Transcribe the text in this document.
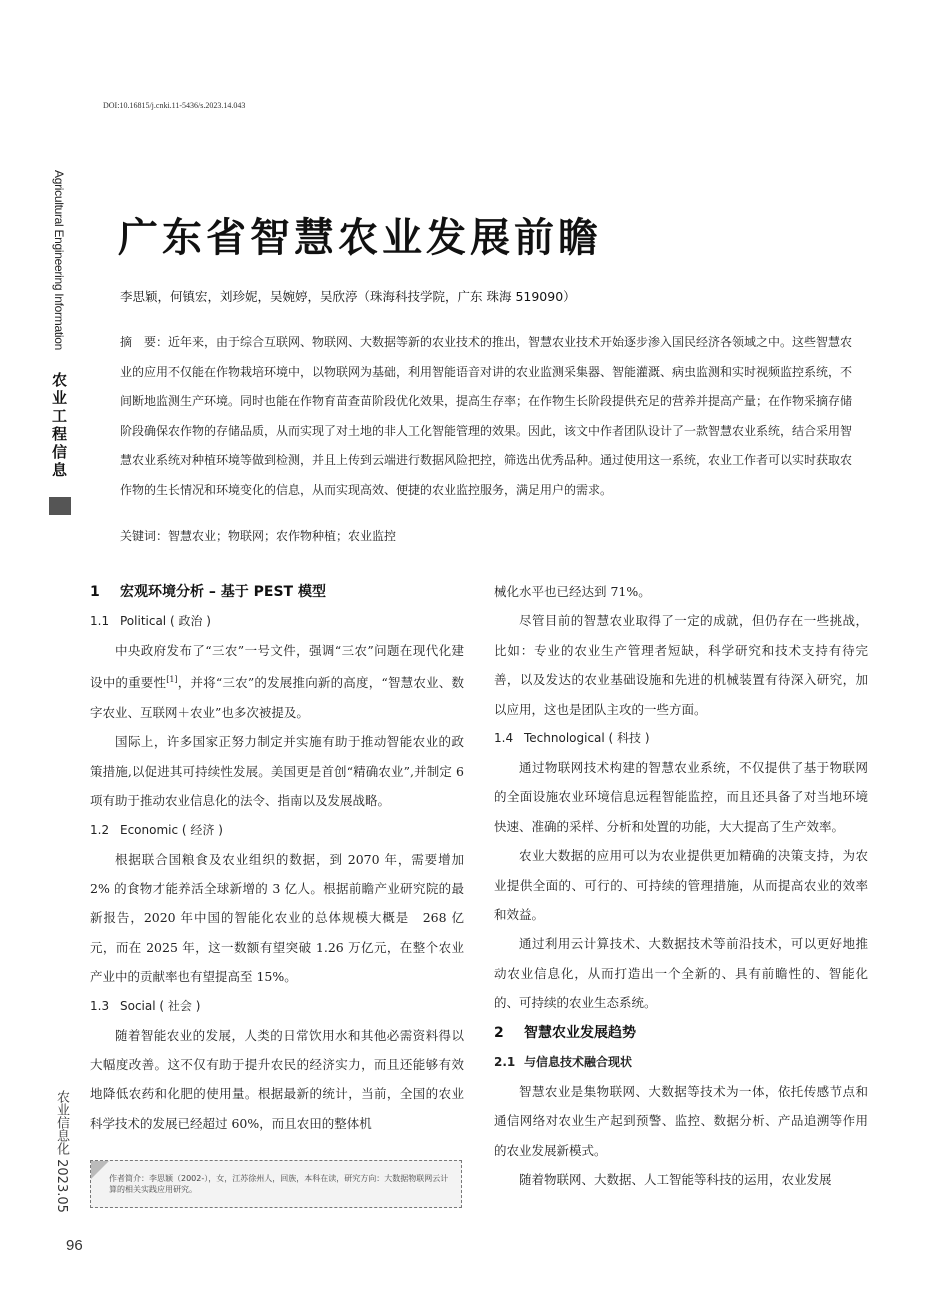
DOI:10.16815/j.cnki.11-5436/s.2023.14.043
Agricultural Engineering Information
农业工程信息
农业信息化 2023.05
96
广东省智慧农业发展前瞻
李思颖，何镇宏，刘珍妮，吴婉婷，吴欣渟（珠海科技学院，广东 珠海 519090）

摘　要：近年来，由于综合互联网、物联网、大数据等新的农业技术的推出，智慧农业技术开始逐步渗入国民经济各领域之中。这些智慧农业的应用不仅能在作物栽培环境中，以物联网为基础，利用智能语音对讲的农业监测采集器、智能灌溉、病虫监测和实时视频监控系统，不间断地监测生产环境。同时也能在作物育苗查苗阶段优化效果，提高生存率；在作物生长阶段提供充足的营养并提高产量；在作物采摘存储阶段确保农作物的存储品质，从而实现了对土地的非人工化智能管理的效果。因此，该文中作者团队设计了一款智慧农业系统，结合采用智慧农业系统对种植环境等做到检测，并且上传到云端进行数据风险把控，筛选出优秀品种。通过使用这一系统，农业工作者可以实时获取农作物的生长情况和环境变化的信息，从而实现高效、便捷的农业监控服务，满足用户的需求。

关键词：智慧农业；物联网；农作物种植；农业监控
1 宏观环境分析 – 基于 PEST 模型
1.1 Political ( 政治 )

中央政府发布了“三农”一号文件，强调“三农”问题在现代化建设中的重要性[1]，并将“三农”的发展推向新的高度，“智慧农业、数字农业、互联网＋农业”也多次被提及。

国际上，许多国家正努力制定并实施有助于推动智能农业的政策措施,以促进其可持续性发展。美国更是首创“精确农业”,并制定 6 项有助于推动农业信息化的法令、指南以及发展战略。

1.2 Economic ( 经济 )

根据联合国粮食及农业组织的数据，到 2070 年，需要增加 2% 的食物才能养活全球新增的 3 亿人。根据前瞻产业研究院的最新报告，2020 年中国的智能化农业的总体规模大概是　268 亿元，而在 2025 年，这一数额有望突破 1.26 万亿元，在整个农业产业中的贡献率也有望提高至 15%。

1.3 Social ( 社会 )

随着智能农业的发展，人类的日常饮用水和其他必需资料得以大幅度改善。这不仅有助于提升农民的经济实力，而且还能够有效地降低农药和化肥的使用量。根据最新的统计，当前，全国的农业科学技术的发展已经超过 60%，而且农田的整体机

械化水平也已经达到 71%。

尽管目前的智慧农业取得了一定的成就，但仍存在一些挑战，比如：专业的农业生产管理者短缺，科学研究和技术支持有待完善，以及发达的农业基础设施和先进的机械装置有待深入研究，加以应用，这也是团队主攻的一些方面。

1.4 Technological ( 科技 )

通过物联网技术构建的智慧农业系统，不仅提供了基于物联网的全面设施农业环境信息远程智能监控，而且还具备了对当地环境快速、准确的采样、分析和处置的功能，大大提高了生产效率。

农业大数据的应用可以为农业提供更加精确的决策支持，为农业提供全面的、可行的、可持续的管理措施，从而提高农业的效率和效益。

通过利用云计算技术、大数据技术等前沿技术，可以更好地推动农业信息化，从而打造出一个全新的、具有前瞻性的、智能化的、可持续的农业生态系统。

2 智慧农业发展趋势
2.1 与信息技术融合现状

智慧农业是集物联网、大数据等技术为一体，依托传感节点和通信网络对农业生产起到预警、监控、数据分析、产品追溯等作用的农业发展新模式。

随着物联网、大数据、人工智能等科技的运用，农业发展

作者简介：李思颖（2002-），女，江苏徐州人，回族，本科在读，研究方向：大数据物联网云计算的相关实践应用研究。
